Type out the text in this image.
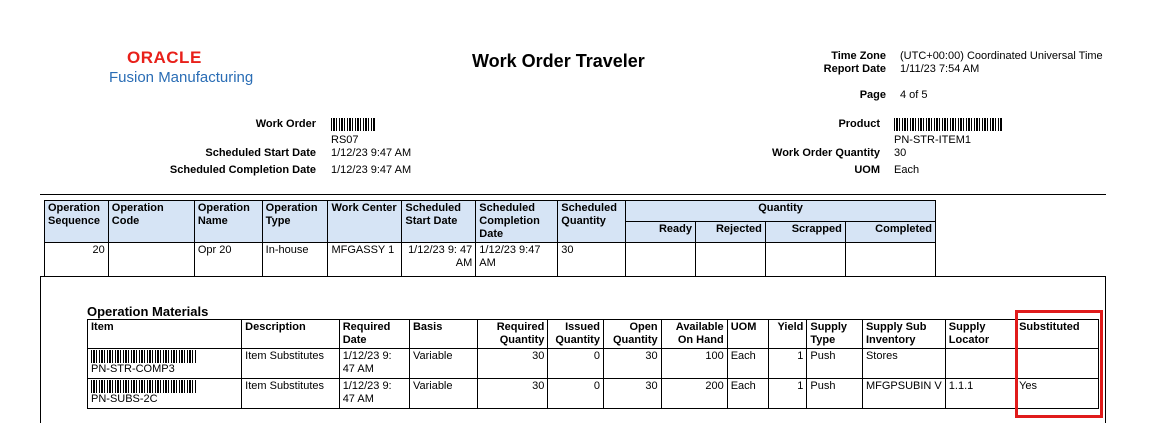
ORACLE
Fusion Manufacturing
Work Order Traveler	Time Zone (UTC+00:00) Coordinated Universal Time
Report Date 1/11/23 7:54 AM
Page 4 of 5
Work Order
RS07
Scheduled Start Date 1/12/23 9:47 AM
Scheduled Completion Date 1/12/23 9:47 AM
Product
PN-STR-ITEM1
Work Order Quantity 30
UOM Each
Operation Sequence	Operation Code	Operation Name	Operation Type	Work Center	Scheduled Start Date	Scheduled Completion Date	Scheduled Quantity	Quantity			
								Ready	Rejected	Scrapped	Completed
20		Opr 20	In-house	MFGASSY 1	1/12/23 9: 47 AM	1/12/23 9:47 AM	30				
Operation Materials
Item	Description	Required Date	Basis	Required Quantity	Issued Quantity	Open Quantity	Available On Hand	UOM	Yield	Supply Type	Supply Sub Inventory	Supply Locator	Substituted

PN-STR-COMP3	Item Substitutes	1/12/23 9: 47 AM	Variable	30	0	30	100	Each	1	Push	Stores		

PN-SUBS-2C	Item Substitutes	1/12/23 9: 47 AM	Variable	30	0	30	200	Each	1	Push	MFGPSUBIN V	1.1.1	Yes
